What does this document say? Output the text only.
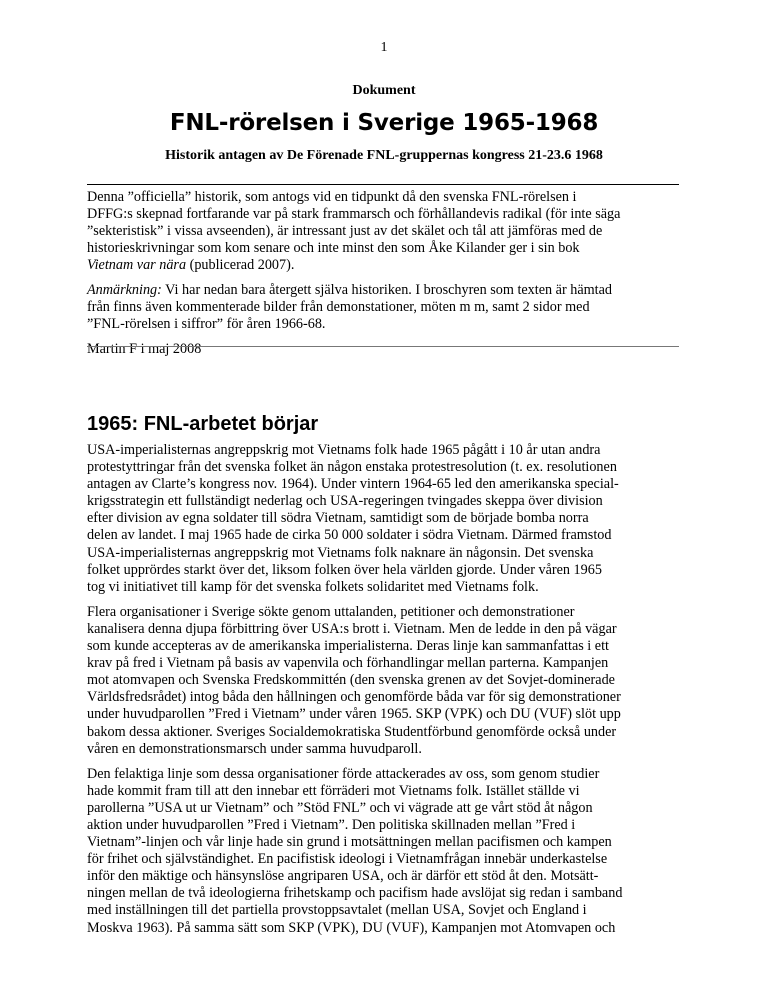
1
Dokument
FNL-rörelsen i Sverige 1965-1968
Historik antagen av De Förenade FNL-gruppernas kongress 21-23.6 1968

Denna ”officiella” historik, som antogs vid en tidpunkt då den svenska FNL-rörelsen i
DFFG:s skepnad fortfarande var på stark frammarsch och förhållandevis radikal (för inte säga
”sekteristisk” i vissa avseenden), är intressant just av det skälet och tål att jämföras med de
historieskrivningar som kom senare och inte minst den som Åke Kilander ger i sin bok
Vietnam var nära (publicerad 2007).

Anmärkning: Vi har nedan bara återgett själva historiken. I broschyren som texten är hämtad
från finns även kommenterade bilder från demonstationer, möten m m, samt 2 sidor med
”FNL-rörelsen i siffror” för åren 1966-68.

Martin F i maj 2008

1965: FNL-arbetet börjar

USA-imperialisternas angreppskrig mot Vietnams folk hade 1965 pågått i 10 år utan andra
protestyttringar från det svenska folket än någon enstaka protestresolution (t. ex. resolutionen
antagen av Clarte’s kongress nov. 1964). Under vintern 1964-65 led den amerikanska special-
krigsstrategin ett fullständigt nederlag och USA-regeringen tvingades skeppa över division
efter division av egna soldater till södra Vietnam, samtidigt som de började bomba norra
delen av landet. I maj 1965 hade de cirka 50 000 soldater i södra Vietnam. Därmed framstod
USA-imperialisternas angreppskrig mot Vietnams folk naknare än någonsin. Det svenska
folket upprördes starkt över det, liksom folken över hela världen gjorde. Under våren 1965
tog vi initiativet till kamp för det svenska folkets solidaritet med Vietnams folk.

Flera organisationer i Sverige sökte genom uttalanden, petitioner och demonstrationer
kanalisera denna djupa förbittring över USA:s brott i. Vietnam. Men de ledde in den på vägar
som kunde accepteras av de amerikanska imperialisterna. Deras linje kan sammanfattas i ett
krav på fred i Vietnam på basis av vapenvila och förhandlingar mellan parterna. Kampanjen
mot atomvapen och Svenska Fredskommittén (den svenska grenen av det Sovjet-dominerade
Världsfredsrådet) intog båda den hållningen och genomförde båda var för sig demonstrationer
under huvudparollen ”Fred i Vietnam” under våren 1965. SKP (VPK) och DU (VUF) slöt upp
bakom dessa aktioner. Sveriges Socialdemokratiska Studentförbund genomförde också under
våren en demonstrationsmarsch under samma huvudparoll.

Den felaktiga linje som dessa organisationer förde attackerades av oss, som genom studier
hade kommit fram till att den innebar ett förräderi mot Vietnams folk. Istället ställde vi
parollerna ”USA ut ur Vietnam” och ”Stöd FNL” och vi vägrade att ge vårt stöd åt någon
aktion under huvudparollen ”Fred i Vietnam”. Den politiska skillnaden mellan ”Fred i
Vietnam”-linjen och vår linje hade sin grund i motsättningen mellan pacifismen och kampen
för frihet och självständighet. En pacifistisk ideologi i Vietnamfrågan innebär underkastelse
inför den mäktige och hänsynslöse angriparen USA, och är därför ett stöd åt den. Motsätt-
ningen mellan de två ideologierna frihetskamp och pacifism hade avslöjat sig redan i samband
med inställningen till det partiella provstoppsavtalet (mellan USA, Sovjet och England i
Moskva 1963). På samma sätt som SKP (VPK), DU (VUF), Kampanjen mot Atomvapen och
